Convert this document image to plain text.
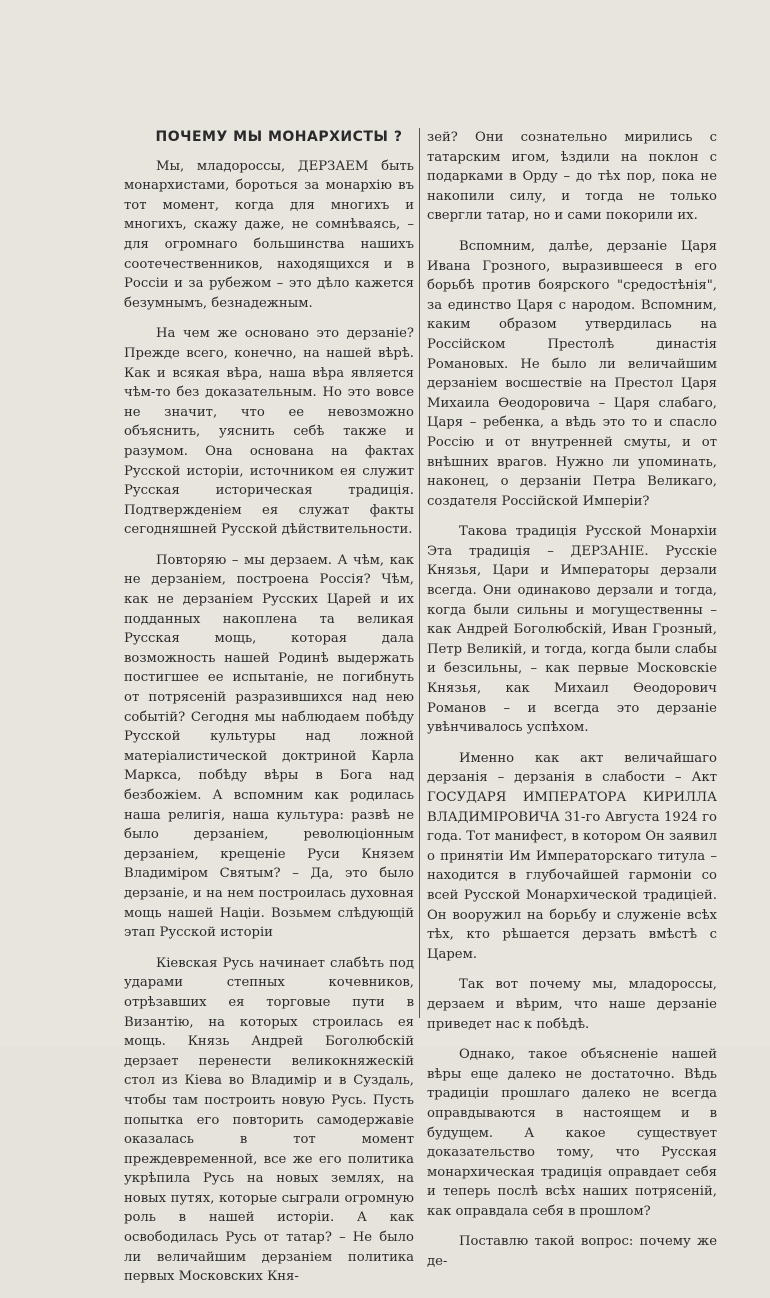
ПОЧЕМУ МЫ МОНАРХИСТЫ ?

Мы, младороссы, ДЕРЗАЕМ быть монархистами, бороться за монархію въ тот момент, когда для многихъ и многихъ, скажу даже, не сомнѣваясь, – для огромнаго большинства нашихъ соотечественников, находящихся и в Россіи и за рубежом – это дѣло кажется безумнымъ, безнадежным.

На чем же основано это дерзаніе? Прежде всего, конечно, на нашей вѣрѣ. Как и всякая вѣра, наша вѣра является чѣм-то без доказательным. Но это вовсе не значит, что ее невозможно объяснить, уяснить себѣ также и разумом. Она основана на фактах Русской исторіи, источником ея служит Русская историческая традиція. Подтвержденіем ея служат факты сегодняшней Русской дѣйствительности.

Повторяю – мы дерзаем. А чѣм, как не дерзаніем, построена Россія? Чѣм, как не дерзаніем Русских Царей и их подданных накоплена та великая Русская мощь, которая дала возможность нашей Родинѣ выдержать постигшее ее испытаніе, не погибнуть от потрясеній разразившихся над нею событій? Сегодня мы наблюдаем побѣду Русской культуры над ложной матеріалистической доктриной Карла Маркса, побѣду вѣры в Бога над безбожіем. А вспомним как родилась наша религія, наша культура: развѣ не было дерзаніем, революціонным дерзаніем, крещеніе Руси Князем Владиміром Святым? – Да, это было дерзаніе, и на нем построилась духовная мощь нашей Націи. Возьмем слѣдующій этап Русской исторіи

Кіевская Русь начинает слабѣть под ударами степных кочевников, отрѣзавших ея торговые пути в Византію, на которых строилась ея мощь. Князь Андрей Боголюбскій дерзает перенести великокняжескій стол из Кіева во Владимір и в Суздаль, чтобы там построить новую Русь. Пусть попытка его повторить самодержавіе оказалась в тот момент преждевременной, все же его политика укрѣпила Русь на новых землях, на новых путях, которые сыграли огромную роль в нашей исторіи. А как освободилась Русь от татар? – Не было ли величайшим дерзаніем политика первых Московских Кня-

зей? Они сознательно мирились с татарским игом, ѣздили на поклон с подарками в Орду – до тѣх пор, пока не накопили силу, и тогда не только свергли татар, но и сами покорили их.

Вспомним, далѣе, дерзаніе Царя Ивана Грозного, выразившееся в его борьбѣ против боярского "средостѣнія", за единство Царя с народом. Вспомним, каким образом утвердилась на Россійском Престолѣ династія Романовых. Не было ли величайшим дерзаніем восшествіе на Престол Царя Михаила Өеодоровича – Царя слабаго, Царя – ребенка, а вѣдь это то и спасло Россію и от внутренней смуты, и от внѣшних врагов. Нужно ли упоминать, наконец, о дерзаніи Петра Великаго, создателя Россійской Имперіи?

Такова традиція Русской Монархіи Эта традиція – ДЕРЗАНІЕ. Русскіе Князья, Цари и Императоры дерзали всегда. Они одинаково дерзали и тогда, когда были сильны и могущественны – как Андрей Боголюбскій, Иван Грозный, Петр Великій, и тогда, когда были слабы и безсильны, – как первые Московскіе Князья, как Михаил Өеодорович Романов – и всегда это дерзаніе увѣнчивалось успѣхом.

Именно как акт величайшаго дерзанія – дерзанія в слабости – Акт ГОСУДАРЯ ИМПЕРАТОРА КИРИЛЛА ВЛАДИМІРОВИЧА 31-го Августа 1924 го года. Тот манифест, в котором Он заявил о принятіи Им Императорскаго титула – находится в глубочайшей гармоніи со всей Русской Монархической традиціей. Он вооружил на борьбу и служеніе всѣх тѣх, кто рѣшается дерзать вмѣстѣ с Царем.

Так вот почему мы, младороссы, дерзаем и вѣрим, что наше дерзаніе приведет нас к побѣдѣ.

Однако, такое объясненіе нашей вѣры еще далеко не достаточно. Вѣдь традиціи прошлаго далеко не всегда оправдываются в настоящем и в будущем. А какое существует доказательство тому, что Русская монархическая традиція оправдает себя и теперь послѣ всѣх наших потрясеній, как оправдала себя в прошлом?

Поставлю такой вопрос: почему же де-
